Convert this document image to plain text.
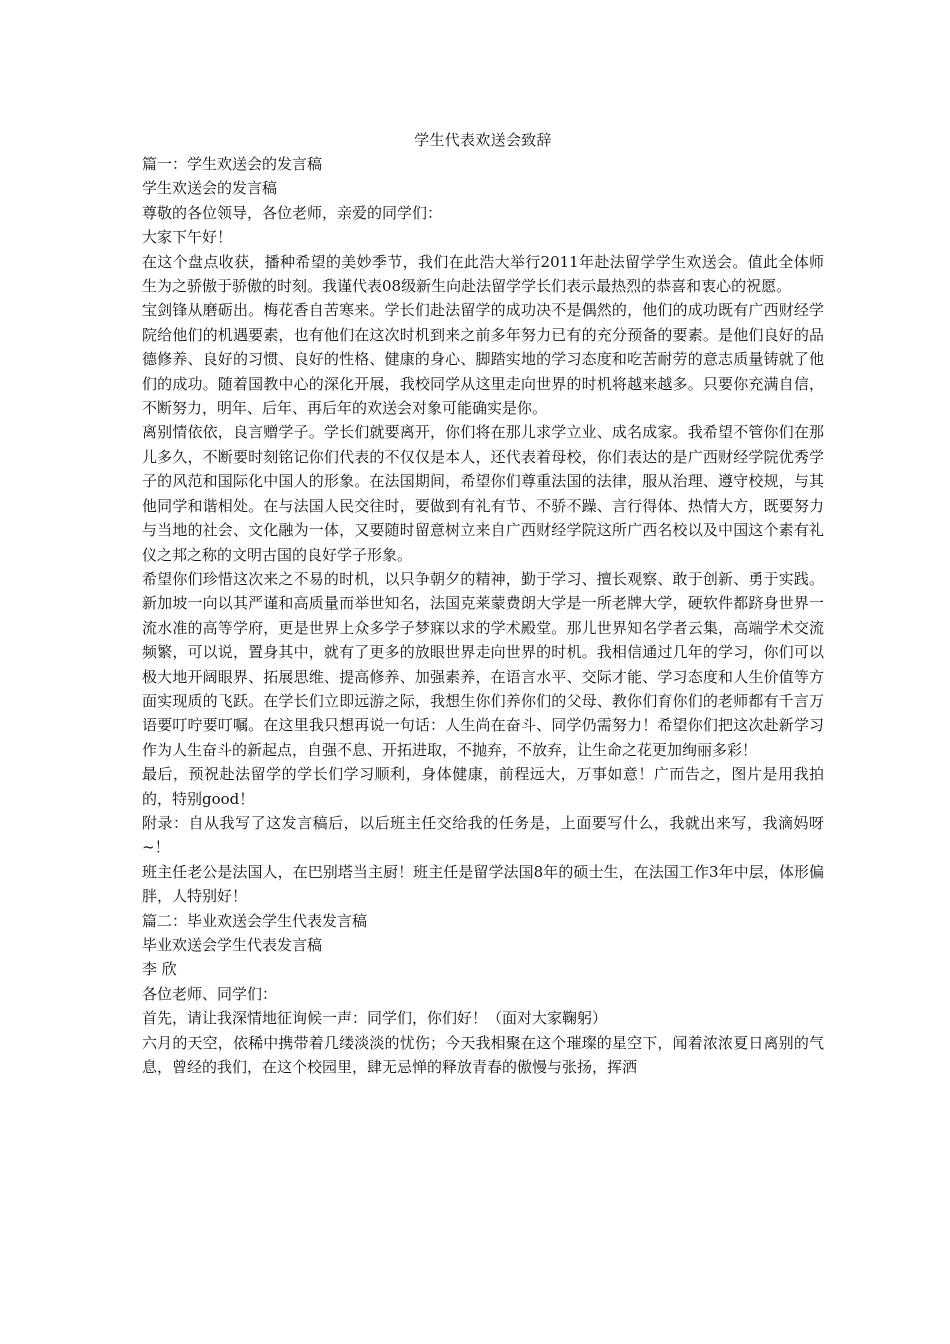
学生代表欢送会致辞

篇一：学生欢送会的发言稿

学生欢送会的发言稿

尊敬的各位领导，各位老师，亲爱的同学们：

大家下午好！

在这个盘点收获，播种希望的美妙季节，我们在此浩大举行2011年赴法留学学生欢送会。值此全体师生为之骄傲于骄傲的时刻。我谨代表08级新生向赴法留学学长们表示最热烈的恭喜和衷心的祝愿。

宝剑锋从磨砺出。梅花香自苦寒来。学长们赴法留学的成功决不是偶然的，他们的成功既有广西财经学院给他们的机遇要素，也有他们在这次时机到来之前多年努力已有的充分预备的要素。是他们良好的品德修养、良好的习惯、良好的性格、健康的身心、脚踏实地的学习态度和吃苦耐劳的意志质量铸就了他们的成功。随着国教中心的深化开展，我校同学从这里走向世界的时机将越来越多。只要你充满自信，不断努力，明年、后年、再后年的欢送会对象可能确实是你。

离别情依依，良言赠学子。学长们就要离开，你们将在那儿求学立业、成名成家。我希望不管你们在那儿多久，不断要时刻铭记你们代表的不仅仅是本人，还代表着母校，你们表达的是广西财经学院优秀学子的风范和国际化中国人的形象。在法国期间，希望你们尊重法国的法律，服从治理、遵守校规，与其他同学和谐相处。在与法国人民交往时，要做到有礼有节、不骄不躁、言行得体、热情大方，既要努力与当地的社会、文化融为一体，又要随时留意树立来自广西财经学院这所广西名校以及中国这个素有礼仪之邦之称的文明古国的良好学子形象。

希望你们珍惜这次来之不易的时机，以只争朝夕的精神，勤于学习、擅长观察、敢于创新、勇于实践。新加坡一向以其严谨和高质量而举世知名，法国克莱蒙费朗大学是一所老牌大学，硬软件都跻身世界一流水准的高等学府，更是世界上众多学子梦寐以求的学术殿堂。那儿世界知名学者云集，高端学术交流频繁，可以说，置身其中，就有了更多的放眼世界走向世界的时机。我相信通过几年的学习，你们可以极大地开阔眼界、拓展思维、提高修养、加强素养，在语言水平、交际才能、学习态度和人生价值等方面实现质的飞跃。在学长们立即远游之际，我想生你们养你们的父母、教你们育你们的老师都有千言万语要叮咛要叮嘱。在这里我只想再说一句话：人生尚在奋斗、同学仍需努力！希望你们把这次赴新学习作为人生奋斗的新起点，自强不息、开拓进取，不抛弃，不放弃，让生命之花更加绚丽多彩！

最后，预祝赴法留学的学长们学习顺利，身体健康，前程远大，万事如意！广而告之，图片是用我拍的，特别good！

附录：自从我写了这发言稿后，以后班主任交给我的任务是，上面要写什么，我就出来写，我滴妈呀~！

班主任老公是法国人，在巴别塔当主厨！班主任是留学法国8年的硕士生，在法国工作3年中层，体形偏胖，人特别好！

篇二：毕业欢送会学生代表发言稿

毕业欢送会学生代表发言稿

李 欣

各位老师、同学们：

首先，请让我深情地征询候一声：同学们，你们好！（面对大家鞠躬）

六月的天空，依稀中携带着几缕淡淡的忧伤；今天我相聚在这个璀璨的星空下，闻着浓浓夏日离别的气息，曾经的我们，在这个校园里，肆无忌惮的释放青春的傲慢与张扬，挥洒
